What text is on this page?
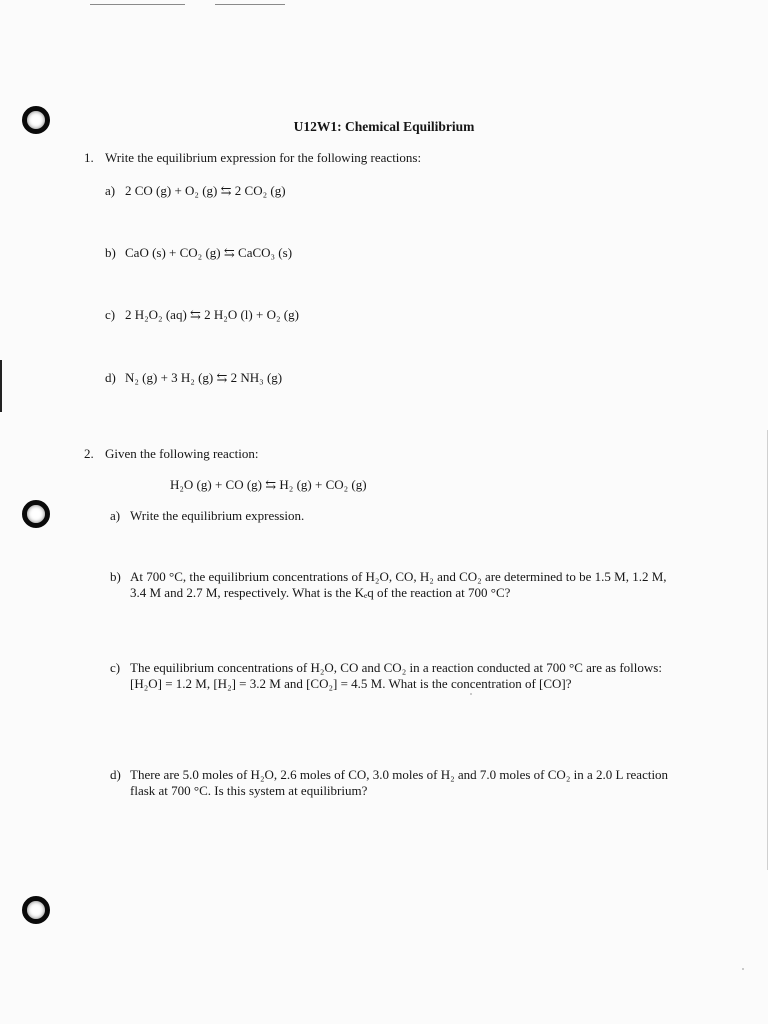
U12W1: Chemical Equilibrium
1. Write the equilibrium expression for the following reactions:
a) 2 CO (g) + O₂ (g) ⇆ 2 CO₂ (g)
b) CaO (s) + CO₂ (g) ⇆ CaCO₃ (s)
c) 2 H₂O₂ (aq) ⇆ 2 H₂O (l) + O₂ (g)
d) N₂ (g) + 3 H₂ (g) ⇆ 2 NH₃ (g)
2. Given the following reaction:
H₂O (g) + CO (g) ⇆ H₂ (g) + CO₂ (g)
a) Write the equilibrium expression.
b) At 700 °C, the equilibrium concentrations of H₂O, CO, H₂ and CO₂ are determined to be 1.5 M, 1.2 M,
3.4 M and 2.7 M, respectively. What is the Kₑq of the reaction at 700 °C?
c) The equilibrium concentrations of H₂O, CO and CO₂ in a reaction conducted at 700 °C are as follows:
[H₂O] = 1.2 M, [H₂] = 3.2 M and [CO₂] = 4.5 M. What is the concentration of [CO]?
d) There are 5.0 moles of H₂O, 2.6 moles of CO, 3.0 moles of H₂ and 7.0 moles of CO₂ in a 2.0 L reaction
flask at 700 °C. Is this system at equilibrium?
